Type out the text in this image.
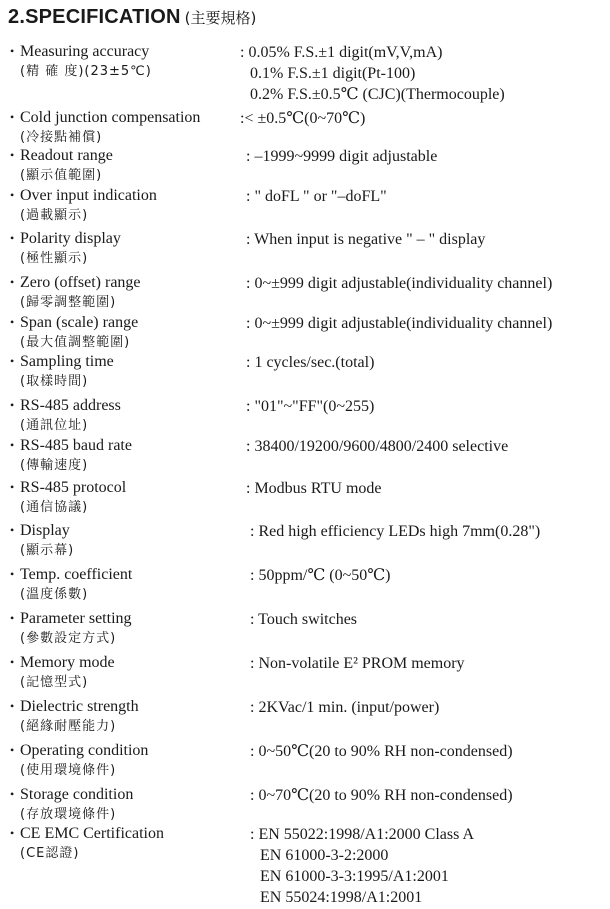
2.SPECIFICATION (主要規格)
• Measuring accuracy
(精 確 度)(23±5℃)
: 0.05% F.S.±1 digit(mV,V,mA)
0.1% F.S.±1 digit(Pt-100)
0.2% F.S.±0.5℃ (CJC)(Thermocouple)
• Cold junction compensation
(冷接點補償)
:< ±0.5℃(0~70℃)
• Readout range
(顯示值範圍)
: –1999~9999 digit adjustable
• Over input indication
(過載顯示)
: " doFL " or "–doFL"
• Polarity display
(極性顯示)
: When input is negative " – " display
• Zero (offset) range
(歸零調整範圍)
: 0~±999 digit adjustable(individuality channel)
• Span (scale) range
(最大值調整範圍)
: 0~±999 digit adjustable(individuality channel)
• Sampling time
(取樣時間)
: 1 cycles/sec.(total)
• RS-485 address
(通訊位址)
: "01"~"FF"(0~255)
• RS-485 baud rate
(傳輸速度)
: 38400/19200/9600/4800/2400 selective
• RS-485 protocol
(通信協議)
: Modbus RTU mode
• Display
(顯示幕)
: Red high efficiency LEDs high 7mm(0.28")
• Temp. coefficient
(溫度係數)
: 50ppm/℃ (0~50℃)
• Parameter setting
(參數設定方式)
: Touch switches
• Memory mode
(記憶型式)
: Non-volatile E² PROM memory
• Dielectric strength
(絕緣耐壓能力)
: 2KVac/1 min. (input/power)
• Operating condition
(使用環境條件)
: 0~50℃(20 to 90% RH non-condensed)
• Storage condition
(存放環境條件)
: 0~70℃(20 to 90% RH non-condensed)
• CE EMC Certification
(CE認證)
: EN 55022:1998/A1:2000 Class A
EN 61000-3-2:2000
EN 61000-3-3:1995/A1:2001
EN 55024:1998/A1:2001
